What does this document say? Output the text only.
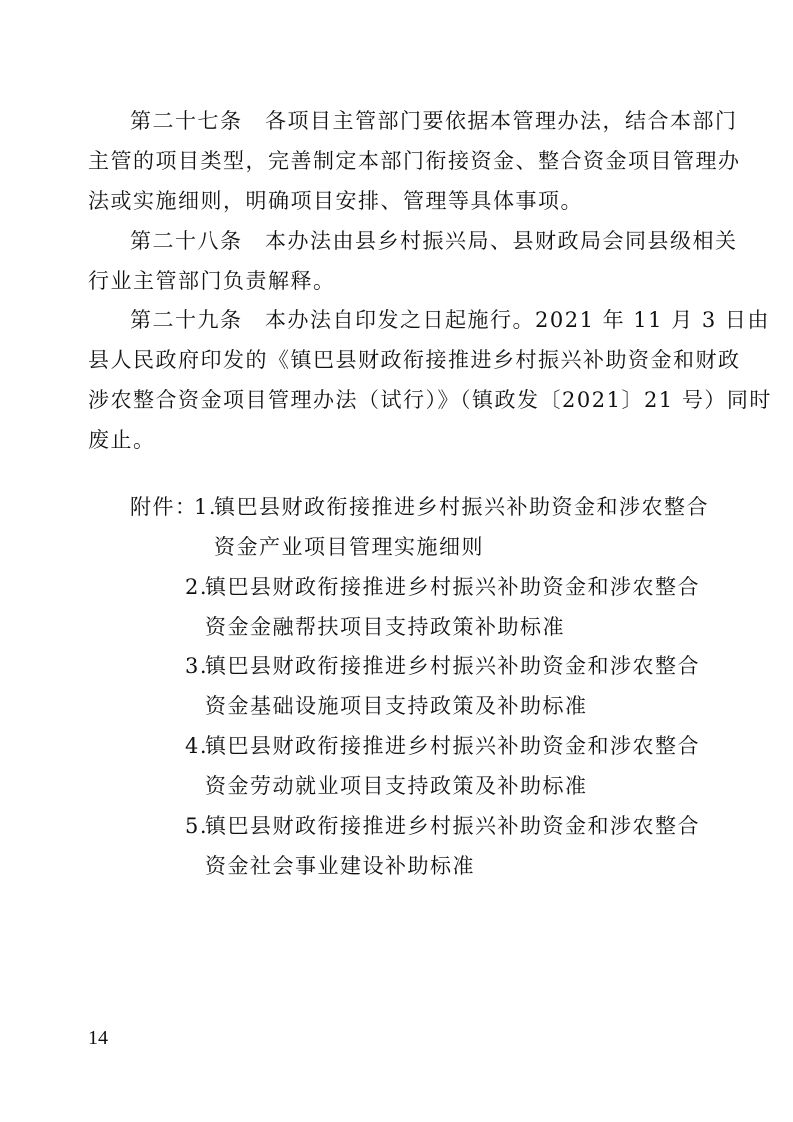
第二十七条　各项目主管部门要依据本管理办法，结合本部门
主管的项目类型，完善制定本部门衔接资金、整合资金项目管理办
法或实施细则，明确项目安排、管理等具体事项。
第二十八条　本办法由县乡村振兴局、县财政局会同县级相关
行业主管部门负责解释。
第二十九条　本办法自印发之日起施行。2021 年 11 月 3 日由
县人民政府印发的《镇巴县财政衔接推进乡村振兴补助资金和财政
涉农整合资金项目管理办法（试行）》（镇政发〔2021〕21 号）同时
废止。
附件：
1.
镇巴县财政衔接推进乡村振兴补助资金和涉农整合
资金产业项目管理实施细则
2.
镇巴县财政衔接推进乡村振兴补助资金和涉农整合
资金金融帮扶项目支持政策补助标准
3.
镇巴县财政衔接推进乡村振兴补助资金和涉农整合
资金基础设施项目支持政策及补助标准
4.
镇巴县财政衔接推进乡村振兴补助资金和涉农整合
资金劳动就业项目支持政策及补助标准
5.
镇巴县财政衔接推进乡村振兴补助资金和涉农整合
资金社会事业建设补助标准
14
